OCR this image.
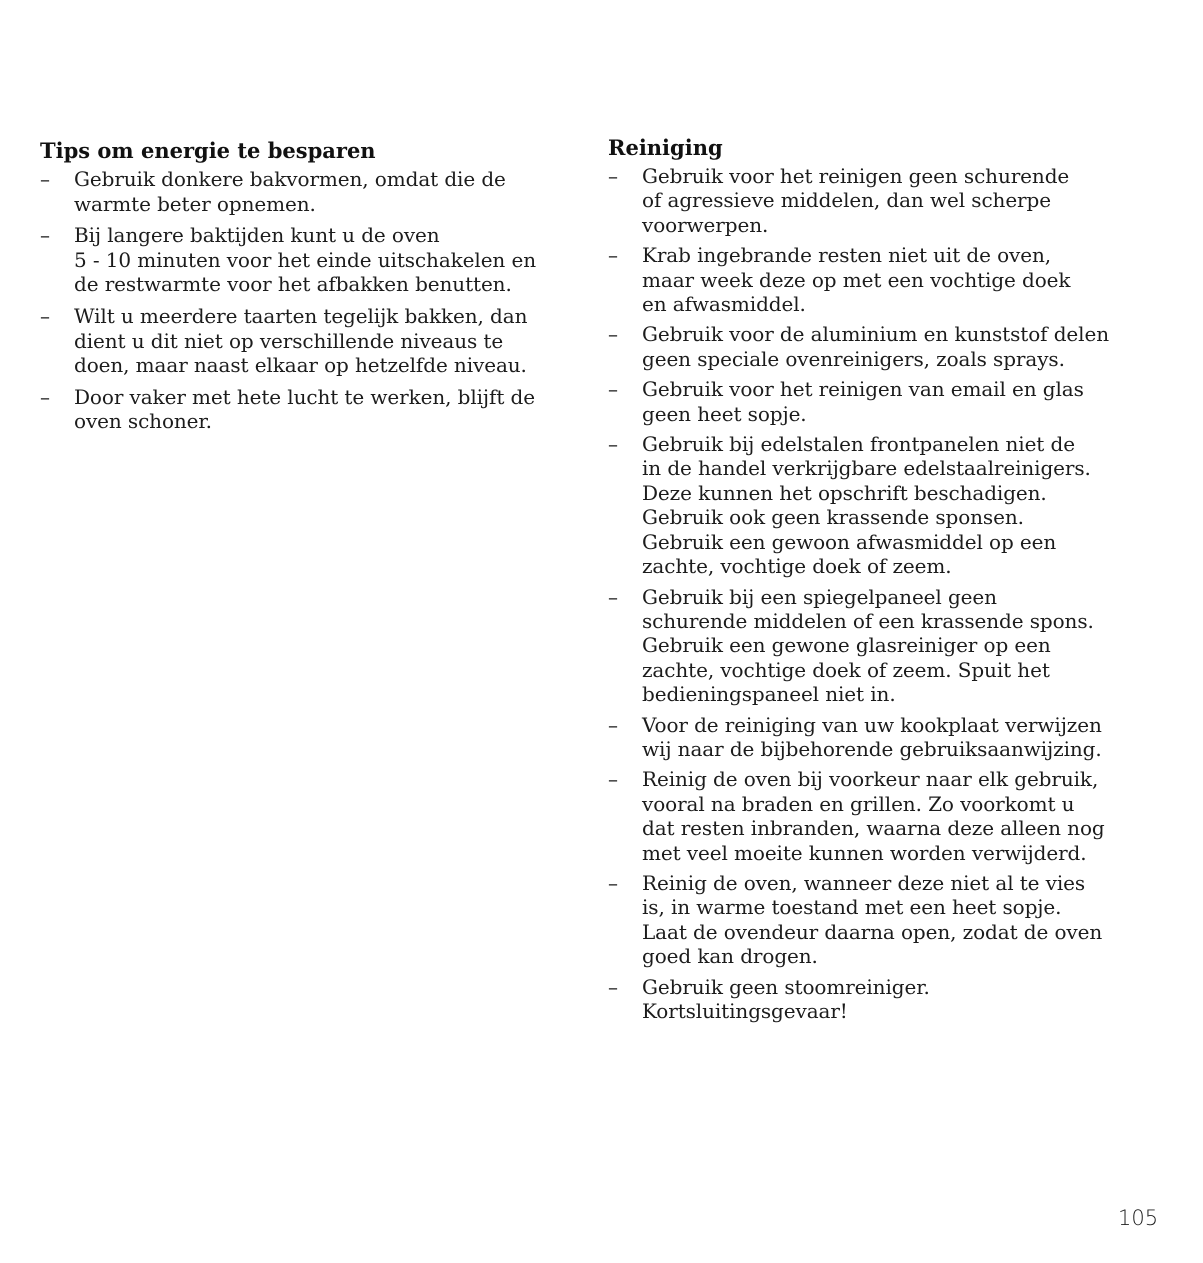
Tips om energie te besparen
– Gebruik donkere bakvormen, omdat die de
warmte beter opnemen.
– Bij langere baktijden kunt u de oven
5 - 10 minuten voor het einde uitschakelen en
de restwarmte voor het afbakken benutten.
– Wilt u meerdere taarten tegelijk bakken, dan
dient u dit niet op verschillende niveaus te
doen, maar naast elkaar op hetzelfde niveau.
– Door vaker met hete lucht te werken, blijft de
oven schoner.
Reiniging
– Gebruik voor het reinigen geen schurende
of agressieve middelen, dan wel scherpe
voorwerpen.
– Krab ingebrande resten niet uit de oven,
maar week deze op met een vochtige doek
en afwasmiddel.
– Gebruik voor de aluminium en kunststof delen
geen speciale ovenreinigers, zoals sprays.
– Gebruik voor het reinigen van email en glas
geen heet sopje.
– Gebruik bij edelstalen frontpanelen niet de
in de handel verkrijgbare edelstaalreinigers.
Deze kunnen het opschrift beschadigen.
Gebruik ook geen krassende sponsen.
Gebruik een gewoon afwasmiddel op een
zachte, vochtige doek of zeem.
– Gebruik bij een spiegelpaneel geen
schurende middelen of een krassende spons.
Gebruik een gewone glasreiniger op een
zachte, vochtige doek of zeem. Spuit het
bedieningspaneel niet in.
– Voor de reiniging van uw kookplaat verwijzen
wij naar de bijbehorende gebruiksaanwijzing.
– Reinig de oven bij voorkeur naar elk gebruik,
vooral na braden en grillen. Zo voorkomt u
dat resten inbranden, waarna deze alleen nog
met veel moeite kunnen worden verwijderd.
– Reinig de oven, wanneer deze niet al te vies
is, in warme toestand met een heet sopje.
Laat de ovendeur daarna open, zodat de oven
goed kan drogen.
– Gebruik geen stoomreiniger.
Kortsluitingsgevaar!
105
